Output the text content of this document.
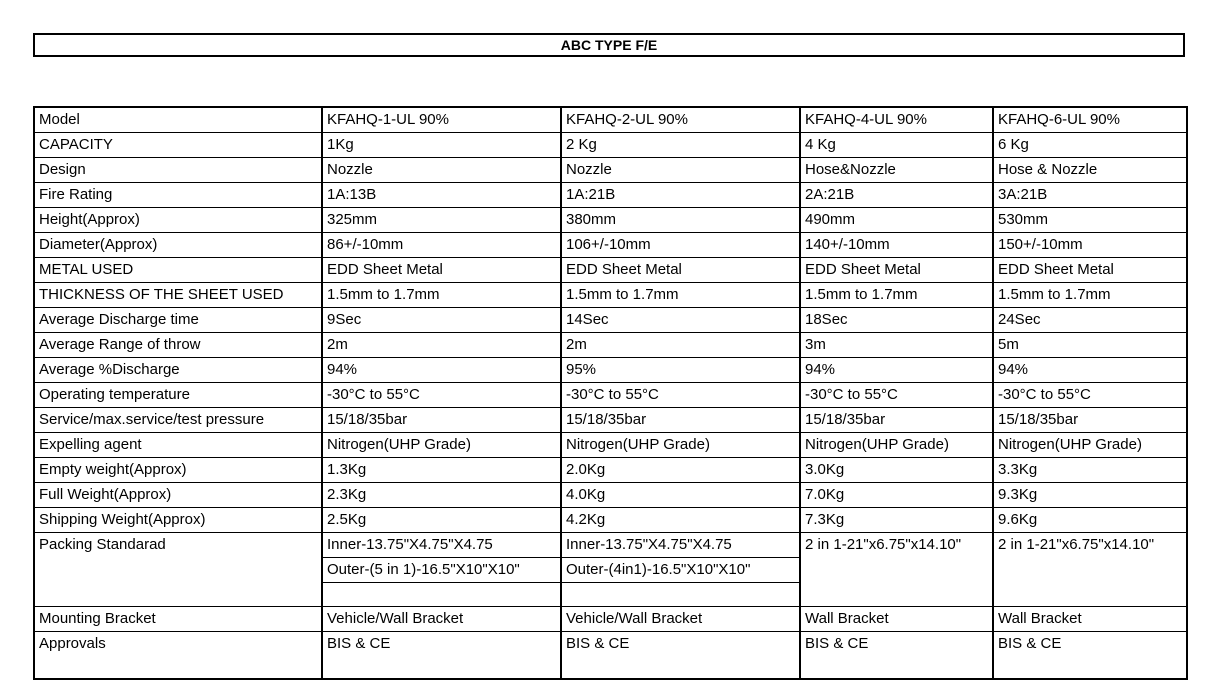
ABC TYPE F/E
Model	KFAHQ-1-UL 90%	KFAHQ-2-UL 90%	KFAHQ-4-UL 90%	KFAHQ-6-UL 90%
CAPACITY	1Kg	2 Kg	4 Kg	6 Kg
Design	Nozzle	Nozzle	Hose&Nozzle	Hose & Nozzle
Fire Rating	1A:13B	1A:21B	2A:21B	3A:21B
Height(Approx)	325mm	380mm	490mm	530mm
Diameter(Approx)	86+/-10mm	106+/-10mm	140+/-10mm	150+/-10mm
METAL USED	EDD Sheet Metal	EDD Sheet Metal	EDD Sheet Metal	EDD Sheet Metal
THICKNESS OF THE SHEET USED	1.5mm to 1.7mm	1.5mm to 1.7mm	1.5mm to 1.7mm	1.5mm to 1.7mm
Average Discharge time	9Sec	14Sec	18Sec	24Sec
Average Range of throw	2m	2m	3m	5m
Average %Discharge	94%	95%	94%	94%
Operating temperature	-30°C to 55°C	-30°C to 55°C	-30°C to 55°C	-30°C to 55°C
Service/max.service/test pressure	15/18/35bar	15/18/35bar	15/18/35bar	15/18/35bar
Expelling agent	Nitrogen(UHP Grade)	Nitrogen(UHP Grade)	Nitrogen(UHP Grade)	Nitrogen(UHP Grade)
Empty weight(Approx)	1.3Kg	2.0Kg	3.0Kg	3.3Kg
Full Weight(Approx)	2.3Kg	4.0Kg	7.0Kg	9.3Kg
Shipping Weight(Approx)	2.5Kg	4.2Kg	7.3Kg	9.6Kg
Packing Standarad	Inner-13.75"X4.75"X4.75	Inner-13.75"X4.75"X4.75	2 in 1-21"x6.75"x14.10"	2 in 1-21"x6.75"x14.10"
	Outer-(5 in 1)-16.5"X10"X10"	Outer-(4in1)-16.5"X10"X10"		

Mounting Bracket	Vehicle/Wall Bracket	Vehicle/Wall Bracket	Wall Bracket	Wall Bracket
Approvals	BIS & CE	BIS & CE	BIS & CE	BIS & CE
